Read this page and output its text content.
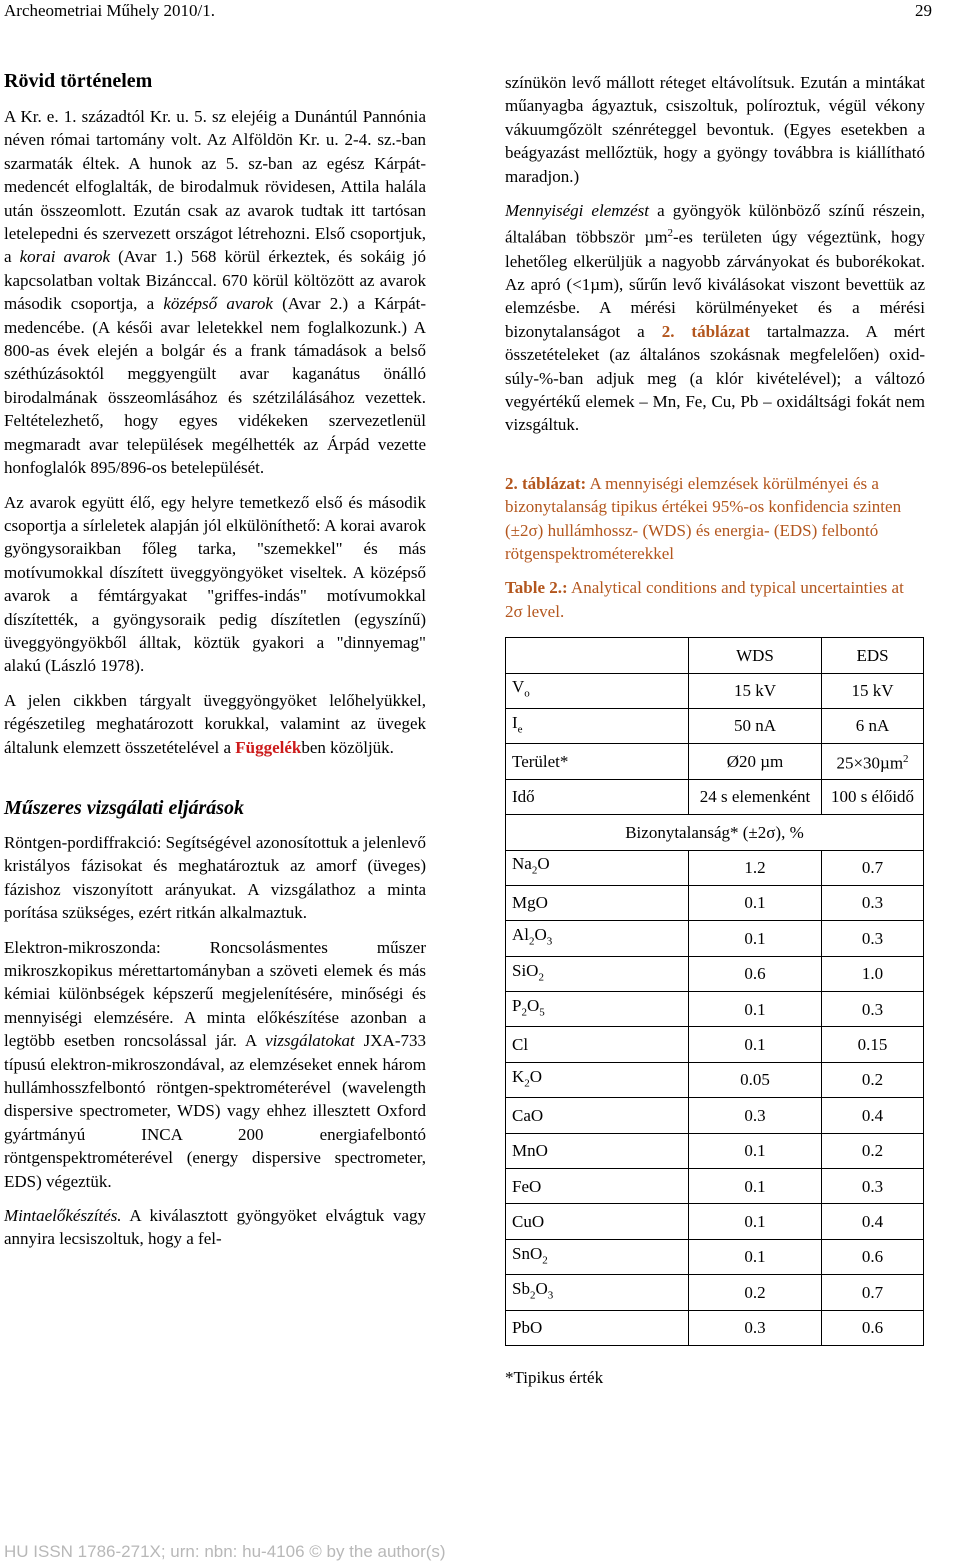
Archeometriai Műhely 2010/1.	29
Rövid történelem

A Kr. e. 1. századtól Kr. u. 5. sz elejéig a Dunántúl Pannónia néven római tartomány volt. Az Alföldön Kr. u. 2-4. sz.-ban szarmaták éltek. A hunok az 5. sz-ban az egész Kárpát-medencét elfoglalták, de birodalmuk rövidesen, Attila halála után összeomlott. Ezután csak az avarok tudtak itt tartósan letelepedni és szervezett országot létrehozni. Első csoportjuk, a korai avarok (Avar 1.) 568 körül érkeztek, és sokáig jó kapcsolatban voltak Bizánccal. 670 körül költözött az avarok második csoportja, a középső avarok (Avar 2.) a Kárpát-medencébe. (A késői avar leletekkel nem foglalkozunk.) A 800-as évek elején a bolgár és a frank támadások a belső széthúzásoktól meggyengült avar kaganátus önálló birodalmának összeomlásához és szétzilálásához vezettek. Feltételezhető, hogy egyes vidékeken szervezetlenül megmaradt avar települések megélhették az Árpád vezette honfoglalók 895/896-os betelepülését.

Az avarok együtt élő, egy helyre temetkező első és második csoportja a sírleletek alapján jól elkülöníthető: A korai avarok gyöngysoraikban főleg tarka, "szemekkel" és más motívumokkal díszített üveggyöngyöket viseltek. A középső avarok a fémtárgyakat "griffes-indás" motívumokkal díszítették, a gyöngysoraik pedig díszítetlen (egyszínű) üveggyöngyökből álltak, köztük gyakori a "dinnyemag" alakú (László 1978).

A jelen cikkben tárgyalt üveggyöngyöket lelőhelyükkel, régészetileg meghatározott korukkal, valamint az üvegek általunk elemzett összetételével a Függelékben közöljük.

Műszeres vizsgálati eljárások

Röntgen-pordiffrakció: Segítségével azonosítottuk a jelenlevő kristályos fázisokat és meghatároztuk az amorf (üveges) fázishoz viszonyított arányukat. A vizsgálathoz a minta porítása szükséges, ezért ritkán alkalmaztuk.

Elektron-mikroszonda: Roncsolásmentes műszer mikroszkopikus mérettartományban a szöveti elemek és más kémiai különbségek képszerű megjelenítésére, minőségi és mennyiségi elemzésére. A minta előkészítése azonban a legtöbb esetben roncsolással jár. A vizsgálatokat JXA-733 típusú elektron-mikroszondával, az elemzéseket ennek három hullámhosszfelbontó röntgen-spektrométerével (wavelength dispersive spectrometer, WDS) vagy ehhez illesztett Oxford gyártmányú INCA 200 energiafelbontó röntgenspektrométerével (energy dispersive spectrometer, EDS) végeztük.

Mintaelőkészítés. A kiválasztott gyöngyöket elvágtuk vagy annyira lecsiszoltuk, hogy a fel-

színükön levő mállott réteget eltávolítsuk. Ezután a mintákat műanyagba ágyaztuk, csiszoltuk, políroztuk, végül vékony vákuumgőzölt szénréteggel bevontuk. (Egyes esetekben a beágyazást mellőztük, hogy a gyöngy továbbra is kiállítható maradjon.)

Mennyiségi elemzést a gyöngyök különböző színű részein, általában többször µm$^2$-es területen úgy végeztünk, hogy lehetőleg elkerüljük a nagyobb zárványokat és buborékokat. Az apró (<1µm), sűrűn levő kiválásokat viszont bevettük az elemzésbe. A mérési körülményeket és a mérési bizonytalanságot a 2. táblázat tartalmazza. A mért összetételeket (az általános szokásnak megfelelően) oxid-súly-%-ban adjuk meg (a klór kivételével); a változó vegyértékű elemek – Mn, Fe, Cu, Pb – oxidáltsági fokát nem vizsgáltuk.

2. táblázat: A mennyiségi elemzések körülményei és a bizonytalanság tipikus értékei 95%-os konfidencia szinten (±2σ) hullámhossz- (WDS) és energia- (EDS) felbontó rötgenspektrométerekkel

Table 2.: Analytical conditions and typical uncertainties at 2σ level.

	WDS	EDS
$V_o$	15 kV	15 kV
$I_e$	50 nA	6 nA
Terület*	Ø20 µm	25×30µm$^2$
Idő	24 s elemenként	100 s élőidő
Bizonytalanság* (±2σ), %		
$Na_2O$	1.2	0.7
MgO	0.1	0.3
$Al_2O_3$	0.1	0.3
SiO$_2$	0.6	1.0
$P_2O_5$	0.1	0.3
Cl	0.1	0.15
$K_2O$	0.05	0.2
CaO	0.3	0.4
MnO	0.1	0.2
FeO	0.1	0.3
CuO	0.1	0.4
SnO$_2$	0.1	0.6
$Sb_2O_3$	0.2	0.7
PbO	0.3	0.6
*Tipikus érték
HU ISSN 1786-271X; urn: nbn: hu-4106 © by the author(s)
